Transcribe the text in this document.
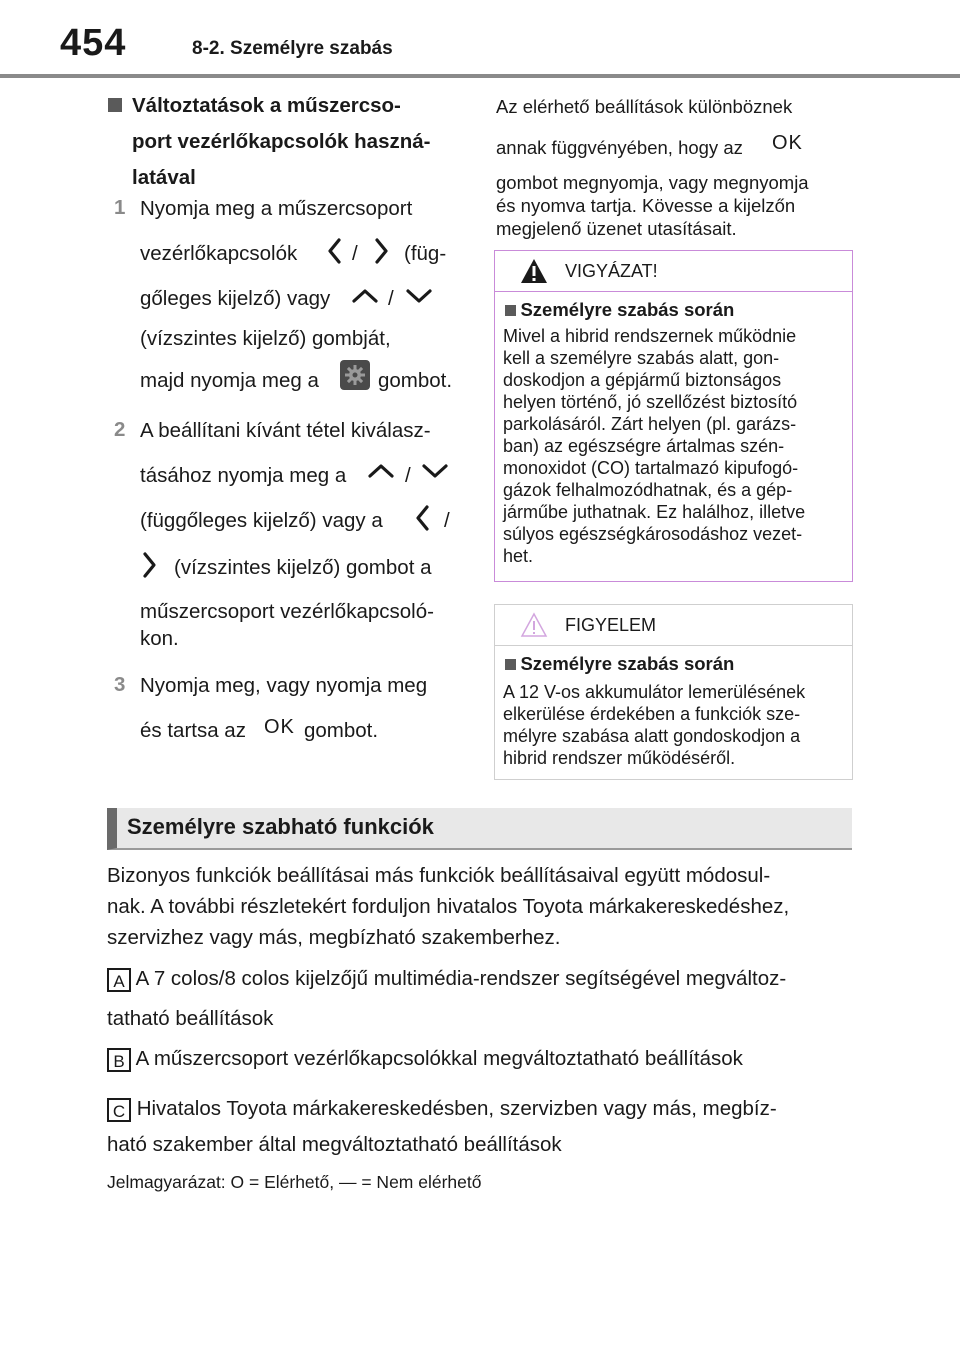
454	8-2. Személyre szabás
Változtatások a műszercso-
port vezérlőkapcsolók haszná-
latával
1 Nyomja meg a műszercsoport
vezérlőkapcsolók	/ (füg-
gőleges kijelző) vagy	/
(vízszintes kijelző) gombját,
majd nyomja meg a	gombot.
2 A beállítani kívánt tétel kiválasz-
tásához nyomja meg a	/
(függőleges kijelző) vagy a	/
(vízszintes kijelző) gombot a
műszercsoport vezérlőkapcsoló-
kon.
3 Nyomja meg, vagy nyomja meg
és tartsa az OK gombot.
Az elérhető beállítások különböznek
annak függvényében, hogy az OK
gombot megnyomja, vagy megnyomja
és nyomva tartja. Kövesse a kijelzőn
megjelenő üzenet utasításait.
VIGYÁZAT!
Személyre szabás során
Mivel a hibrid rendszernek működnie
kell a személyre szabás alatt, gon-
doskodjon a gépjármű biztonságos
helyen történő, jó szellőzést biztosító
parkolásáról. Zárt helyen (pl. garázs-
ban) az egészségre ártalmas szén-
monoxidot (CO) tartalmazó kipufogó-
gázok felhalmozódhatnak, és a gép-
járműbe juthatnak. Ez halálhoz, illetve
súlyos egészségkárosodáshoz vezet-
het.
FIGYELEM
Személyre szabás során
A 12 V-os akkumulátor lemerülésének
elkerülése érdekében a funkciók sze-
mélyre szabása alatt gondoskodjon a
hibrid rendszer működéséről.
Személyre szabható funkciók
Bizonyos funkciók beállításai más funkciók beállításaival együtt módosul-
nak. A további részletekért forduljon hivatalos Toyota márkakereskedéshez,
szervizhez vagy más, megbízható szakemberhez.
A A 7 colos/8 colos kijelzőjű multimédia-rendszer segítségével megváltoz-
tatható beállítások
B A műszercsoport vezérlőkapcsolókkal megváltoztatható beállítások
C Hivatalos Toyota márkakereskedésben, szervizben vagy más, megbíz-
ható szakember által megváltoztatható beállítások
Jelmagyarázat: O = Elérhető, — = Nem elérhető
